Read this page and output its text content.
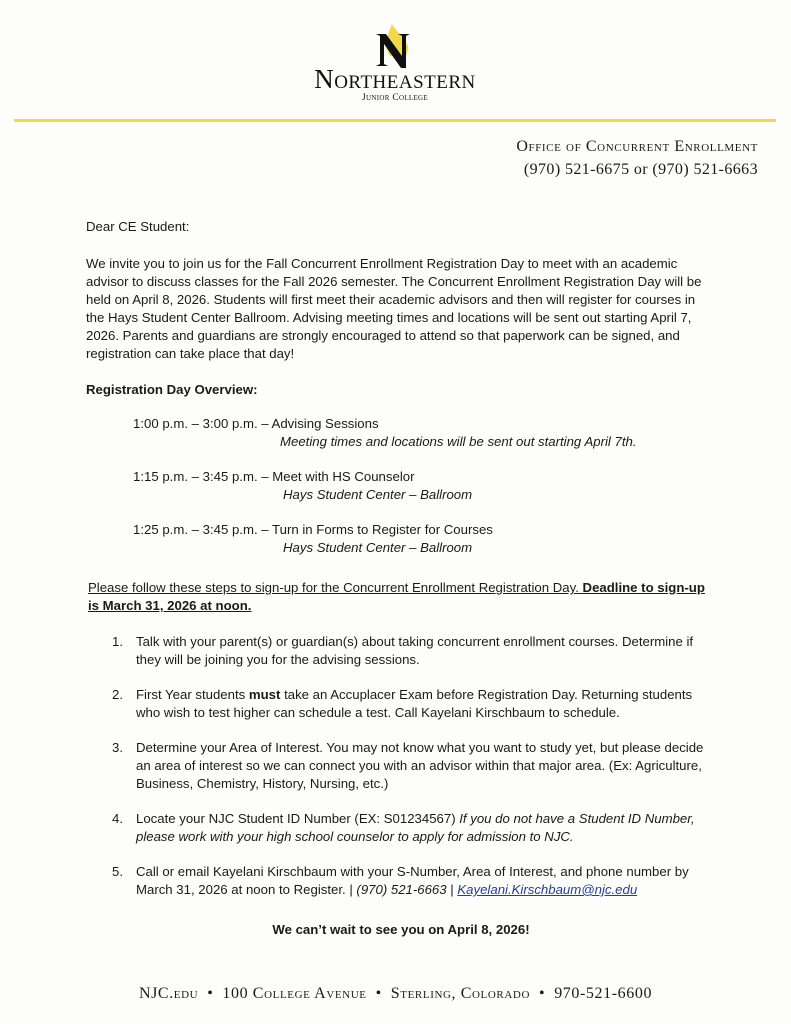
Northeastern
Junior College
Office of Concurrent Enrollment
(970) 521-6675 or (970) 521-6663

Dear CE Student:

We invite you to join us for the Fall Concurrent Enrollment Registration Day to meet with an academic advisor to discuss classes for the Fall 2026 semester. The Concurrent Enrollment Registration Day will be held on April 8, 2026. Students will first meet their academic advisors and then will register for courses in the Hays Student Center Ballroom. Advising meeting times and locations will be sent out starting April 7, 2026. Parents and guardians are strongly encouraged to attend so that paperwork can be signed, and registration can take place that day!

Registration Day Overview:

1:00 p.m. – 3:00 p.m. – Advising Sessions
Meeting times and locations will be sent out starting April 7th.
1:15 p.m. – 3:45 p.m. – Meet with HS Counselor
Hays Student Center – Ballroom
1:25 p.m. – 3:45 p.m. – Turn in Forms to Register for Courses
Hays Student Center – Ballroom

Please follow these steps to sign-up for the Concurrent Enrollment Registration Day. Deadline to sign-up is March 31, 2026 at noon.

1. Talk with your parent(s) or guardian(s) about taking concurrent enrollment courses. Determine if they will be joining you for the advising sessions.
2. First Year students must take an Accuplacer Exam before Registration Day. Returning students who wish to test higher can schedule a test. Call Kayelani Kirschbaum to schedule.
3. Determine your Area of Interest. You may not know what you want to study yet, but please decide an area of interest so we can connect you with an advisor within that major area. (Ex: Agriculture, Business, Chemistry, History, Nursing, etc.)
4. Locate your NJC Student ID Number (EX: S01234567) If you do not have a Student ID Number, please work with your high school counselor to apply for admission to NJC.
5. Call or email Kayelani Kirschbaum with your S-Number, Area of Interest, and phone number by March 31, 2026 at noon to Register. | (970) 521-6663 | Kayelani.Kirschbaum@njc.edu

We can’t wait to see you on April 8, 2026!

NJC.edu • 100 College Avenue • Sterling, Colorado • 970-521-6600
